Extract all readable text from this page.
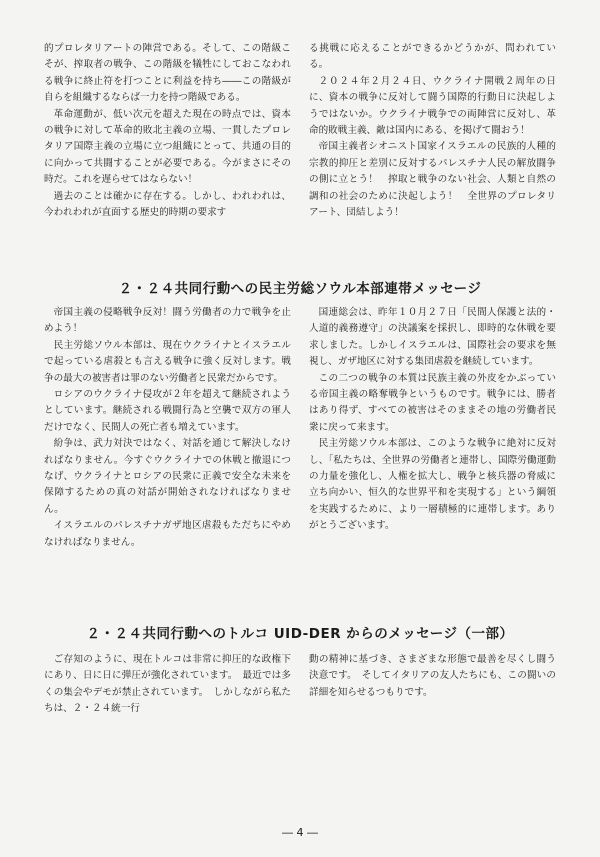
的プロレタリアートの陣営である。そして、この階級こそが、搾取者の戦争、この階級を犠牲にしておこなわれる戦争に終止符を打つことに利益を持ち――この階級が自らを組織するならば一力を持つ階級である。

革命運動が、低い次元を超えた現在の時点では、資本の戦争に対して革命的敗北主義の立場、一貫したプロレタリア国際主義の立場に立つ組織にとって、共通の目的に向かって共闘することが必要である。今がまさにその時だ。これを遅らせてはならない！

過去のことは確かに存在する。しかし、われわれは、今われわれが直面する歴史的時期の要求す

る挑戦に応えることができるかどうかが、問われている。

２０２４年２月２４日、ウクライナ開戦２周年の日に、資本の戦争に反対して闘う国際的行動日に決起しようではないか。ウクライナ戦争での両陣営に反対し、革命的敗戦主義、敵は国内にある、を掲げて闘おう！

帝国主義者シオニスト国家イスラエルの民族的人種的宗教的抑圧と差別に反対するパレスチナ人民の解放闘争の側に立とう！　搾取と戦争のない社会、人類と自然の調和の社会のために決起しよう！　全世界のプロレタリアート、団結しよう！

２・２４共同行動への民主労総ソウル本部連帯メッセージ

帝国主義の侵略戦争反対！闘う労働者の力で戦争を止めよう！

民主労総ソウル本部は、現在ウクライナとイスラエルで起っている虐殺とも言える戦争に強く反対します。戦争の最大の被害者は罪のない労働者と民衆だからです。

ロシアのウクライナ侵攻が２年を超えて継続されようとしています。継続される戦闘行為と空襲で双方の軍人だけでなく、民間人の死亡者も増えています。

紛争は、武力対決ではなく、対話を通じて解決しなければなりません。今すぐウクライナでの休戦と撤退につなげ、ウクライナとロシアの民衆に正義で安全な未来を保障するための真の対話が開始されなければなりません。

イスラエルのパレスチナガザ地区虐殺もただちにやめなければなりません。

国連総会は、昨年１０月２７日「民間人保護と法的・人道的義務遵守」の決議案を採択し、即時的な休戦を要求しました。しかしイスラエルは、国際社会の要求を無視し、ガザ地区に対する集団虐殺を継続しています。

この二つの戦争の本質は民族主義の外皮をかぶっている帝国主義の略奪戦争というものです。戦争には、勝者はあり得ず、すべての被害はそのままその地の労働者民衆に戻って来ます。

民主労総ソウル本部は、このような戦争に絶対に反対し、「私たちは、全世界の労働者と連帯し、国際労働運動の力量を強化し、人権を拡大し、戦争と核兵器の脅威に立ち向かい、恒久的な世界平和を実現する」という綱領を実践するために、より一層積極的に連帯します。ありがとうございます。

２・２４共同行動へのトルコ UID-DER からのメッセージ（一部）

ご存知のように、現在トルコは非常に抑圧的な政権下にあり、日に日に弾圧が強化されています。　最近では多くの集会やデモが禁止されています。　しかしながら私たちは、２・２４統一行

動の精神に基づき、さまざまな形態で最善を尽くし闘う決意です。　そしてイタリアの友人たちにも、この闘いの詳細を知らせるつもりです。

― 4 ―
